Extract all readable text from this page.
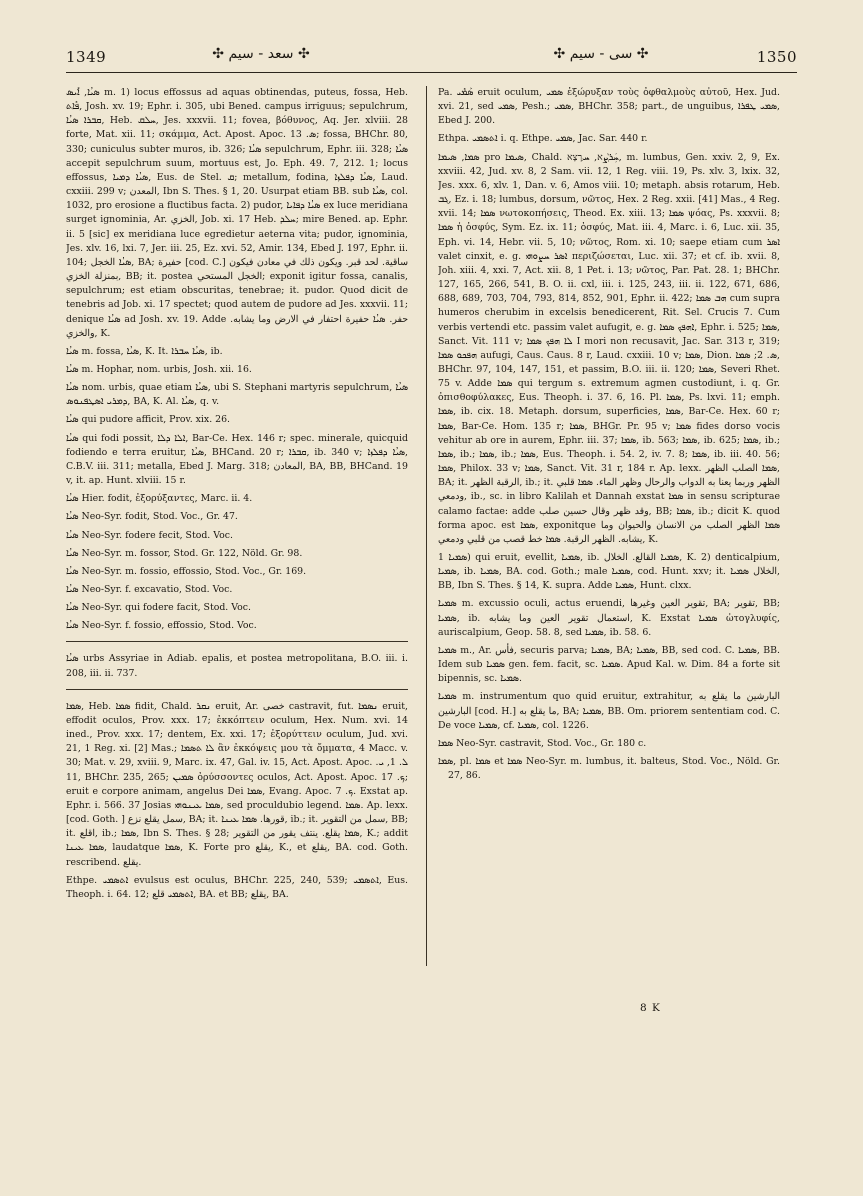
1349	✣ سعد - سیم ✣	✣ سی - سیم ✣	1350

ܣܝܳܐ, ܐܺܝܣ m. 1) locus effossus ad aquas obtinendas, puteus, fossa, Heb. ܦܺܐܬ, Josh. xv. 19; Ephr. i. 305, ubi Bened. campus irriguus; sepulchrum, ܩܒܪܐ ܣܝܳܐ, Heb. ܚܠܩ, Jes. xxxvii. 11; fovea, βόθυνος, Aq. Jer. xlviii. 28 forte, Mat. xii. 11; σκάμμα, Act. Apost. Apoc. ܣ. 13; fossa, BHChr. 80, 330; cuniculus subter muros, ib. 326; ܣܝܳܐ sepulchrum, Ephr. iii. 328; ܣܝܳܐ accepit sepulchrum suum, mortuus est, Jo. Eph. 49. 7, 212. 1; locus effossus, ܣܝܳܐ ܕܡܝܐ, Eus. de Stel. ܩ; metallum, fodina, ܣܝܳܐ ܕܦܠܙܐ, Laud. cxxiii. 299 v; المعدن, Ibn S. Thes. § 1, 20. Usurpat etiam BB. sub ܣܝܳܐ, col. 1032, pro erosione a fluctibus facta. 2) pudor, ܣܝܳܐ ܕܦܐܝܐ ex luce meridiana surget ignominia, Ar. الخزي, Job. xi. 17 Heb. ܚܠܕ; mire Bened. ap. Ephr. ii. 5 [sic] ex meridiana luce egredietur aeterna vita; pudor, ignominia, Jes. xlv. 16, lxi. 7, Jer. iii. 25, Ez. xvi. 52, Amir. 134, Ebed J. 197, Ephr. ii. 104; ܣܝܳܐ الخجل, BA; حفيرة [cod. C.] ساقية. لحد قبر. ويكون ذلك في معادن فيكون بمنزلة الخزي, BB; it. postea الخجل المستحي; exponit igitur fossa, canalis, sepulchrum; est etiam obscuritas, tenebrae; it. pudor. Quod dicit de tenebris ad Job. xi. 17 spectet; quod autem de pudore ad Jes. xxxvii. 11; denique ܣܝܳܐ ad Josh. xv. 19. Adde حفر. ܣܝܳܐ حفيرة احتفار في الارض وما يشابه. والخزي, K.

ܣܝܳܐ m. fossa, ܣܝܳܐ, K. It. ܣܝܳܐ ܚܒܪܐ, ib.

ܣܝܳܐ m. Hophar, nom. urbis, Josh. xii. 16.

ܣܝܳܐ nom. urbis, quae etiam ܣܝܳܐ, ubi S. Stephani martyris sepulchrum, ܣܝܳܐ ܕܡܪܝ ܐܣܛܦܢܘܣ, BA, K. Al. ܣܝܳܐ, q. v.

ܣܝܳܐ qui pudore afficit, Prov. xix. 26.

ܣܝܳܐ qui fodi possit, ܐܠܐ ܕܠܐ, Bar-Ce. Hex. 146 r; spec. minerale, quicquid fodiendo e terra eruitur, ܣܝܳܐ, BHCand. 20 r; ܩܒܪܐ, ib. 340 v; ܣܝܳܐ ܕܦܠܙܐ, C.B.V. iii. 311; metalla, Ebed J. Marg. 318; المعادن, BA, BB, BHCand. 19 v, it. ap. Hunt. xlviii. 15 r.

ܣܝܳܐ Hier. fodit, ἐξορύξαντες, Marc. ii. 4.

ܣܝܳܐ Neo-Syr. fodit, Stod. Voc., Gr. 47.

ܣܝܳܐ Neo-Syr. fodere fecit, Stod. Voc.

ܣܝܳܐ Neo-Syr. m. fossor, Stod. Gr. 122, Nöld. Gr. 98.

ܣܝܳܐ Neo-Syr. m. fossio, effossio, Stod. Voc., Gr. 169.

ܣܝܳܐ Neo-Syr. f. excavatio, Stod. Voc.

ܣܝܳܐ Neo-Syr. qui fodere facit, Stod. Voc.

ܣܝܳܐ Neo-Syr. f. fossio, effossio, Stod. Voc.

ܣܝܳܐ urbs Assyriae in Adiab. epalis, et postea metropolitana, B.O. iii. i. 208, iii. ii. 737.

ܣܡܐ, Heb. ܣܡܐ fidit, Chald. ܢܩܪ eruit, Ar. خصى castravit, fut. ܢܣܡܐ eruit, effodit oculos, Prov. xxx. 17; ἐκκόπτειν oculum, Hex. Num. xvi. 14 ined., Prov. xxx. 17; dentem, Ex. xxi. 17; ἐξορύττειν oculum, Jud. xvi. 21, 1 Reg. xi. [2] Mas.; ܠܐ ܬܣܡܐ ἂν ἐκκόψεις μου τὰ ὄμματα, 4 Macc. v. 30; Mat. v. 29, xviii. 9, Marc. ix. 47, Gal. iv. 15, Act. Apost. Apoc. ܠ. 1, ܝ. 11, BHChr. 235, 265; ܣܡܝܢ ὀρύσσοντες oculos, Act. Apost. Apoc. ܟ. 17; eruit e corpore animam, angelus Dei ܣܡܐ, Evang. Apoc. ܟ. 7. Exstat ap. Ephr. i. 566. 37 Josias ܣܡܐ ܥܝܢܘܗܝ, sed proculdubio legend. ܣܡܐ. Ap. lexx. [cod. Goth. ] سمل يقلع نزع, BA; it. قورها. ܣܡܐ ܥܝܢܐ, ib.; it. سمل من التقوير, BB; it. اقلع, ib.; ܣܡܐ, Ibn S. Thes. § 28; ܣܡܐ يقلع. ينتف يقور من التقوير, K.; addit ܣܡܐ ܥܝܢܐ, laudatque ܣܡܐ, K. Forte pro يقلع, K., et يقلع, BA. cod. Goth. rescribend. يقلع.

Ethpe. ܐܬܣܡܝ evulsus est oculus, BHChr. 225, 240, 539; ܐܬܣܡܝ, Eus. Theoph. i. 64. 12; ܐܬܣܡܝ قلع, BA. et BB; يقلع, BA.

Pa. ܣܰܡܺܝ eruit oculum, ܣܡܝ ἐξώρυξαν τοὺς ὀφθαλμοὺς αὐτοῦ, Hex. Jud. xvi. 21, sed ܣܡܝ, Pesh.; ܣܡܝ, BHChr. 358; part., de unguibus, ܣܡܝ ܛܦܪܐ, Ebed J. 200.

Ethpa. ܐܬܣܡܝ i. q. Ethpe. ܣܡܝ, Jac. Sar. 440 r.

ܣܡܐ, ܣܝܡܐ pro ܣܝܡܐ, Chald. ܚܲܪְܨܵא, ܚַרְצָא, m. lumbus, Gen. xxiv. 2, 9, Ex. xxviii. 42, Jud. xv. 8, 2 Sam. vii. 12, 1 Reg. viii. 19, Ps. xlv. 3, lxix. 32, Jes. xxx. 6, xlv. 1, Dan. v. 6, Amos viii. 10; metaph. absis rotarum, Heb. ܓܒ, Ez. i. 18; lumbus, dorsum, νῶτος, Hex. 2 Reg. xxii. [41] Mas., 4 Reg. xvii. 14; ܣܡܐ νωτοκοπήσεις, Theod. Ex. xiii. 13; ܣܡܐ ψόας, Ps. xxxvii. 8; ܣܡܐ ἡ ὀσφύς, Sym. Ez. ix. 11; ὀσφύς, Mat. iii. 4, Marc. i. 6, Luc. xii. 35, Eph. vi. 14, Hebr. vii. 5, 10; νῶτος, Rom. xi. 10; saepe etiam cum ܐܣܪ valet cinxit, e. g. ܐܣܪ ܚܨܘܗܝ περιζώσεται, Luc. xii. 37; et cf. ib. xvii. 8, Joh. xiii. 4, xxi. 7, Act. xii. 8, 1 Pet. i. 13; νῶτος, Par. Pat. 28. 1; BHChr. 127, 165, 266, 541, B. O. ii. cxl, iii. i. 125, 243, iii. ii. 122, 671, 686, 688, 689, 703, 704, 793, 814, 852, 901, Ephr. ii. 422; ܗܒ ܣܡܐ cum supra humeros cherubim in excelsis benedicerent, Rit. Sel. Crucis 7. Cum verbis vertendi etc. passim valet aufugit, e. g. ܐܗܦܟ ܣܡܐ, Ephr. i. 525; ܣܡܐ, Sanct. Vit. 111 v; ܠܐ ܗܦܟ ܣܡܐ I mori non recusavit, Jac. Sar. 313 r, 319; ܗܦܟܘ ܣܡܐ aufugi, Caus. Caus. 8 r, Laud. cxxiii. 10 v; ܣܡܐ, Dion. ܣ. 2; ܣܡܐ, BHChr. 97, 104, 147, 151, et passim, B.O. iii. ii. 120; ܣܡܐ, Severi Rhet. 75 v. Adde ܣܡܐ qui tergum s. extremum agmen custodiunt, i. q. Gr. ὀπισθοφύλακες, Eus. Theoph. i. 37. 6, 16. Pl. ܣܡܐ, Ps. lxvi. 11; emph. ܣܡܐ, ib. cix. 18. Metaph. dorsum, superficies, ܣܡܐ, Bar-Ce. Hex. 60 r; ܣܡܐ, Bar-Ce. Hom. 135 r; ܣܡܐ, BHGr. Pr. 95 v; ܣܡܐ fides dorso vocis vehitur ab ore in aurem, Ephr. iii. 37; ܣܡܐ, ib. 563; ܣܡܐ, ib. 625; ܣܡܐ, ib.; ܣܡܐ, ib.; ܣܡܐ, ib.; ܣܡܐ, Eus. Theoph. i. 54. 2, iv. 7. 8; ܣܡܐ, ib. iii. 40. 56; ܣܡܐ, Philox. 33 v; ܣܡܐ, Sanct. Vit. 31 r, 184 r. Ap. lexx. ܣܡܐ الصلب الظهر, BA; it. الرقبة الظهر, ib.; it. الظهر وربما يعنا به الدواب والرحال وظهر الماء. ܣܡܐ قلبي ودمعي, ib., sc. in libro Kalilah et Dannah exstat ܣܡܐ in sensu scripturae calamo factae: adde وقد ظهر وقال حسين صلب, BB; ܣܡܐ, ib.; dicit K. quod forma apoc. est ܣܡܐ, exponitque ܣܡܐ الظهر الصلب من الانسان والحيوان وما يشابه. الظهر الرقبة. ܣܡܐ خط قصب من قلبي ودمعي, K.

ܣܡܝܐ 1) qui eruit, evellit, ܣܡܝܐ, ib. ܣܡܝܐ القالع. الخلال, K. 2) denticalpium, ܣܡܝܐ, ib. ܣܡܝܐ, BA. cod. Goth.; male ܣܡܝܐ, cod. Hunt. xxv; it. الخلال ܣܡܝܐ, BB, Ibn S. Thes. § 14, K. supra. Adde ܣܡܝܐ, Hunt. clxx.

ܣܡܝܐ m. excussio oculi, actus eruendi, تقوير العين وغيرها, BA; تقوير, BB; ܣܡܝܐ, ib. استعمال تقوير العين وما يشابه, K. Exstat ܣܡܝܐ ὠτογλυφίς, auriscalpium, Geop. 58. 8, sed ܣܡܝܐ, ib. 58. 6.

ܣܡܝܐ m., Ar. فأس, securis parva; ܣܡܝܐ, BA; ܣܡܝܐ, BB, sed cod. C. ܣܡܝܐ, BB. Idem sub ܣܡܝܐ gen. fem. facit, sc. ܣܡܝܐ. Apud Kal. w. Dim. 84 a forte sit bipennis, sc. ܣܡܝܐ.

ܣܡܝܐ m. instrumentum quo quid eruitur, extrahitur, البارشين ما يقلع به البارشين [cod. H.] ما يقلع به, BA; ܣܡܝܐ, BB. Om. priorem sententiam cod. C. De voce ܣܡܝܐ, cf. ܣܡܝܐ, col. 1226.

ܣܡܐ Neo-Syr. castravit, Stod. Voc., Gr. 180 c.

ܣܡܐ, pl. ܣܡܐ et ܣܡܐ Neo-Syr. m. lumbus, it. balteus, Stod. Voc., Nöld. Gr. 27, 86.

8 K
